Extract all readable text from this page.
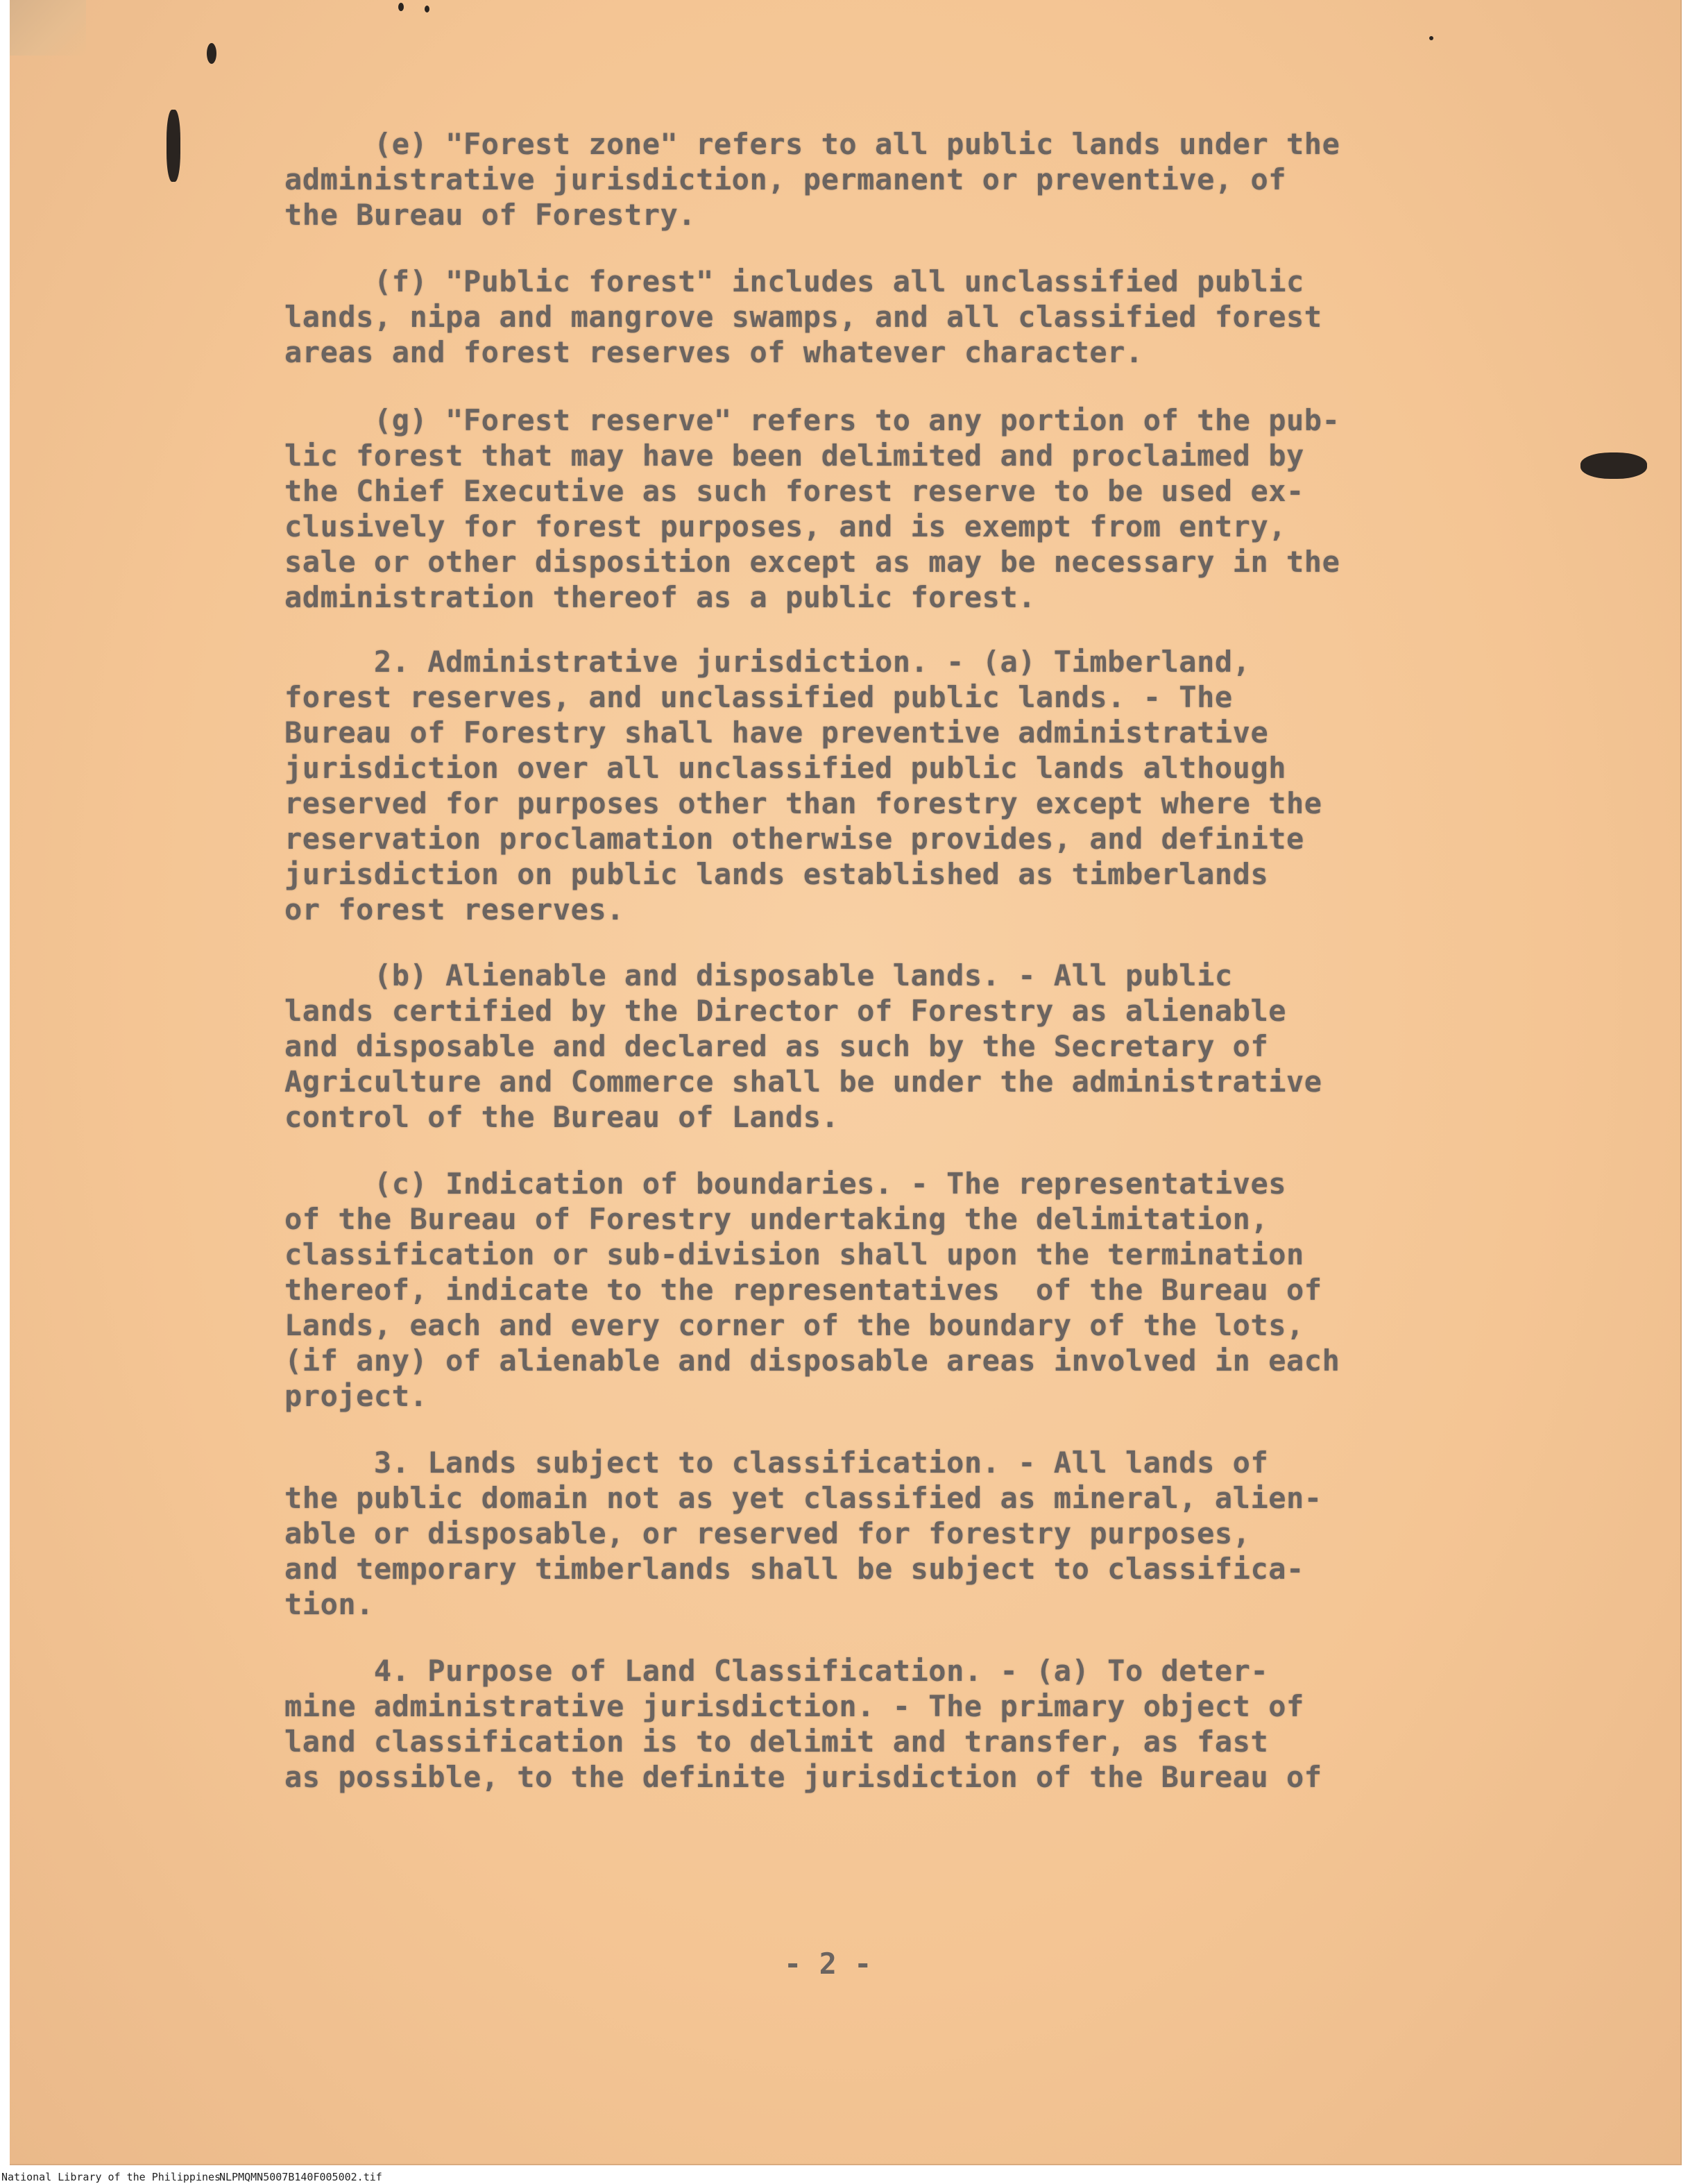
(e) "Forest zone" refers to all public lands under the
administrative jurisdiction, permanent or preventive, of
the Bureau of Forestry.
(f) "Public forest" includes all unclassified public
lands, nipa and mangrove swamps, and all classified forest
areas and forest reserves of whatever character.
(g) "Forest reserve" refers to any portion of the pub-
lic forest that may have been delimited and proclaimed by
the Chief Executive as such forest reserve to be used ex-
clusively for forest purposes, and is exempt from entry,
sale or other disposition except as may be necessary in the
administration thereof as a public forest.
2. Administrative jurisdiction. - (a) Timberland,
forest reserves, and unclassified public lands. - The
Bureau of Forestry shall have preventive administrative
jurisdiction over all unclassified public lands although
reserved for purposes other than forestry except where the
reservation proclamation otherwise provides, and definite
jurisdiction on public lands established as timberlands
or forest reserves.
(b) Alienable and disposable lands. - All public
lands certified by the Director of Forestry as alienable
and disposable and declared as such by the Secretary of
Agriculture and Commerce shall be under the administrative
control of the Bureau of Lands.
(c) Indication of boundaries. - The representatives
of the Bureau of Forestry undertaking the delimitation,
classification or sub-division shall upon the termination
thereof, indicate to the representatives  of the Bureau of
Lands, each and every corner of the boundary of the lots,
(if any) of alienable and disposable areas involved in each
project.
3. Lands subject to classification. - All lands of
the public domain not as yet classified as mineral, alien-
able or disposable, or reserved for forestry purposes,
and temporary timberlands shall be subject to classifica-
tion.
4. Purpose of Land Classification. - (a) To deter-
mine administrative jurisdiction. - The primary object of
land classification is to delimit and transfer, as fast
as possible, to the definite jurisdiction of the Bureau of
- 2 -
National Library of the Philippines
NLPMQMN5007B140F005002.tif
